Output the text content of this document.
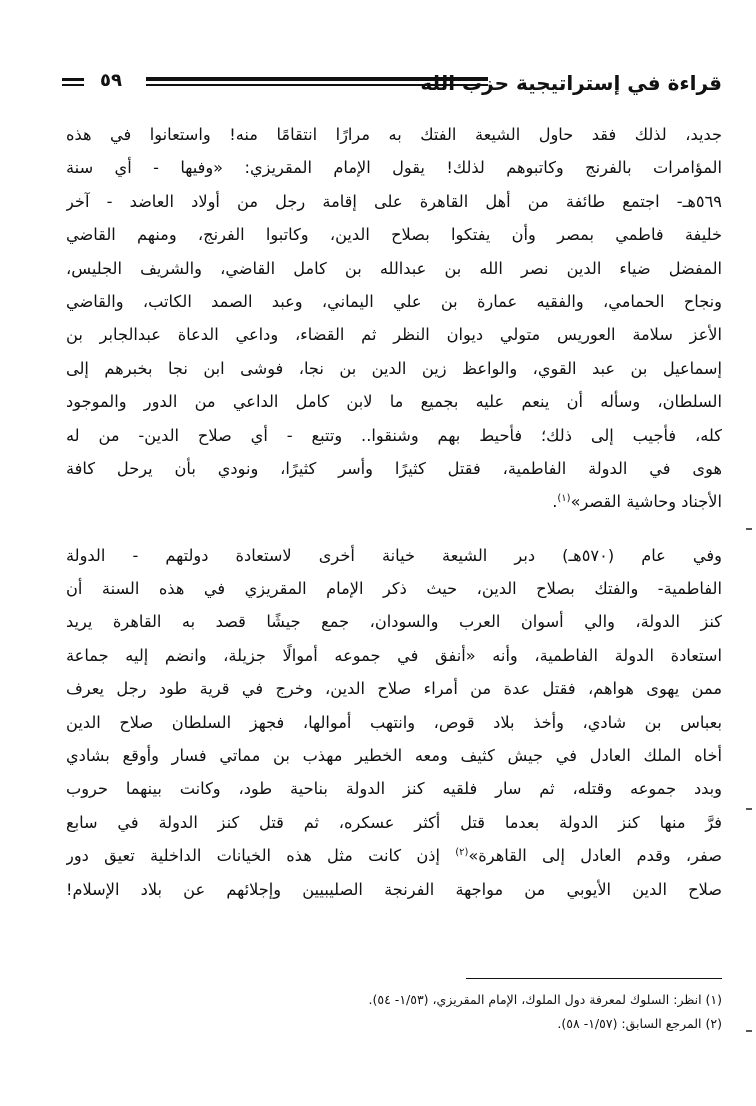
٥٩	قراءة في إستراتيجية حزب الله
جديد، لذلك فقد حاول الشيعة الفتك به مرارًا انتقامًا منه! واستعانوا في هذه
المؤامرات بالفرنج وكاتبوهم لذلك! يقول الإمام المقريزي: «وفيها - أي سنة
٥٦٩هـ- اجتمع طائفة من أهل القاهرة على إقامة رجل من أولاد العاضد - آخر
خليفة فاطمي بمصر وأن يفتكوا بصلاح الدين، وكاتبوا الفرنج، ومنهم القاضي
المفضل ضياء الدين نصر الله بن عبدالله بن كامل القاضي، والشريف الجليس،
ونجاح الحمامي، والفقيه عمارة بن علي اليماني، وعبد الصمد الكاتب، والقاضي
الأعز سلامة العوريس متولي ديوان النظر ثم القضاء، وداعي الدعاة عبدالجابر بن
إسماعيل بن عبد القوي، والواعظ زين الدين بن نجا، فوشى ابن نجا بخبرهم إلى
السلطان، وسأله أن ينعم عليه بجميع ما لابن كامل الداعي من الدور والموجود
كله، فأجيب إلى ذلك؛ فأحيط بهم وشنقوا.. وتتبع - أي صلاح الدين- من له
هوى في الدولة الفاطمية، فقتل كثيرًا وأسر كثيرًا، ونودي بأن يرحل كافة
الأجناد وحاشية القصر»$^{(١)}$.
وفي عام (٥٧٠هـ) دبر الشيعة خيانة أخرى لاستعادة دولتهم - الدولة
الفاطمية- والفتك بصلاح الدين، حيث ذكر الإمام المقريزي في هذه السنة أن
كنز الدولة، والي أسوان العرب والسودان، جمع جيشًا قصد به القاهرة يريد
استعادة الدولة الفاطمية، وأنه «أنفق في جموعه أموالًا جزيلة، وانضم إليه جماعة
ممن يهوى هواهم، فقتل عدة من أمراء صلاح الدين، وخرج في قرية طود رجل يعرف
بعباس بن شادي، وأخذ بلاد قوص، وانتهب أموالها، فجهز السلطان صلاح الدين
أخاه الملك العادل في جيش كثيف ومعه الخطير مهذب بن مماتي فسار وأوقع بشادي
وبدد جموعه وقتله، ثم سار فلقيه كنز الدولة بناحية طود، وكانت بينهما حروب
فرَّ منها كنز الدولة بعدما قتل أكثر عسكره، ثم قتل كنز الدولة في سابع
صفر، وقدم العادل إلى القاهرة»$^{(٢)}$ إذن كانت مثل هذه الخيانات الداخلية تعيق دور
صلاح الدين الأيوبي من مواجهة الفرنجة الصليبيين وإجلائهم عن بلاد الإسلام!
(١) انظر: السلوك لمعرفة دول الملوك، الإمام المقريزي، (١/٥٣- ٥٤).
(٢) المرجع السابق: (١/٥٧- ٥٨).
